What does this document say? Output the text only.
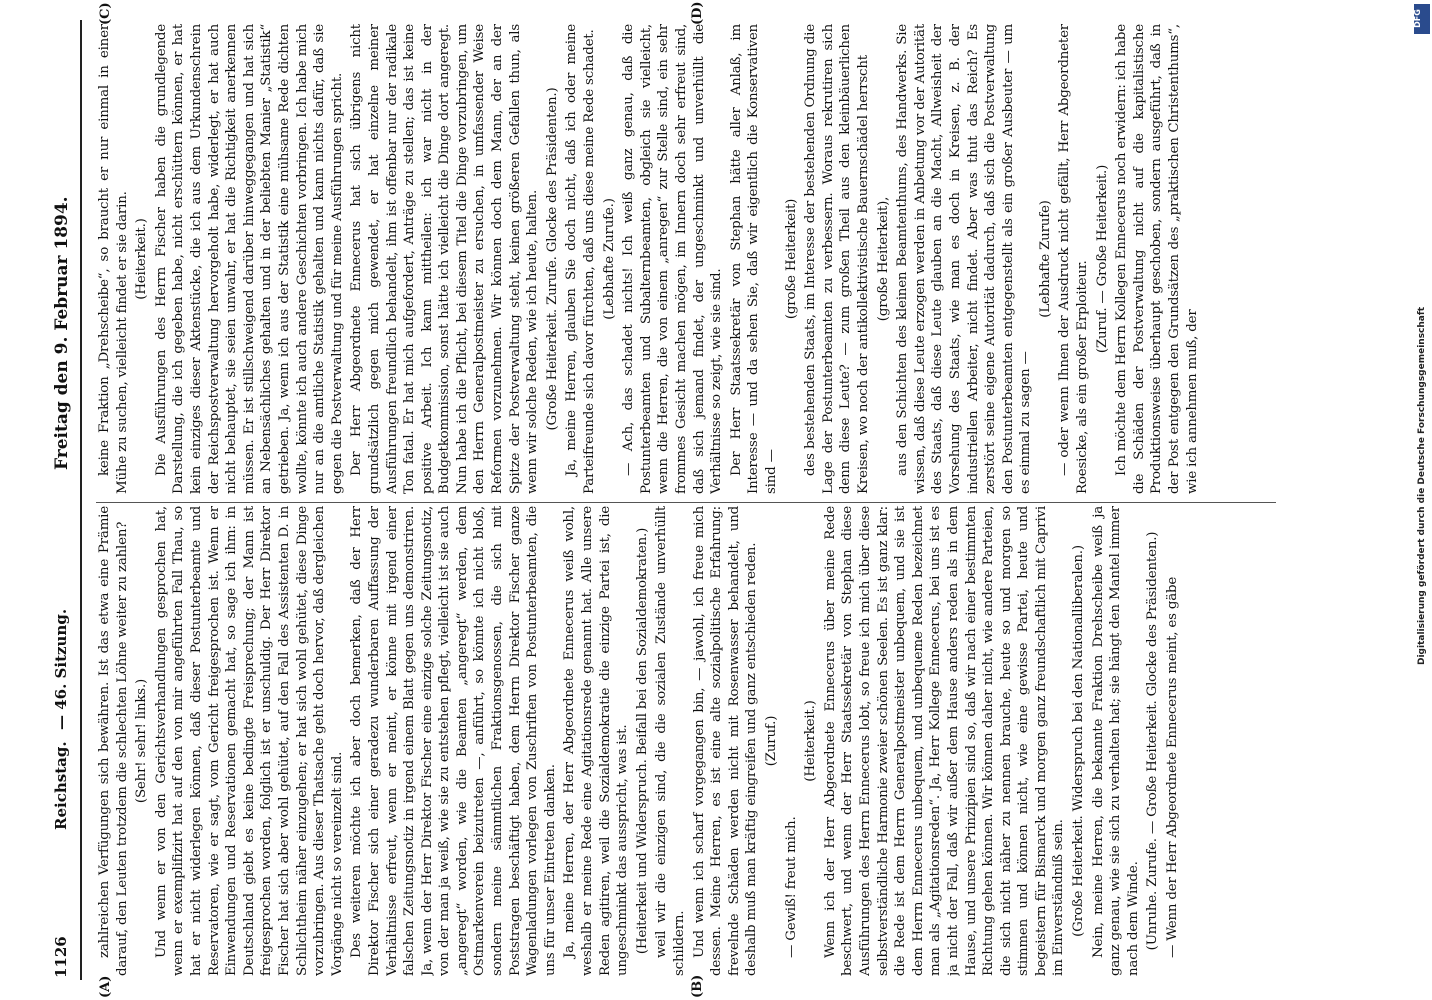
1126
Reichstag.
— 46. Sitzung.
Freitag den 9. Februar 1894.
(A)	(B)
(C)	(D)

zahlreichen Verfügungen sich bewähren. Ist das etwa eine Prämie darauf, den Leuten trotzdem die schlechten Löhne weiter zu zahlen? (Sehr! sehr! links.) Und wenn er von den Gerichtsverhandlungen gesprochen hat, wenn er exemplifizirt hat auf den von mir angeführten Fall Thau, so hat er nicht widerlegen können, daß dieser Postunterbeamte und Reservatoren, wie er sagt, vom Gericht freigesprochen ist. Wenn er Einwendungen und Reservationen gemacht hat, so sage ich ihm: in Deutschland giebt es keine bedingte Freisprechung; der Mann ist freigesprochen worden, folglich ist er unschuldig. Der Herr Direktor Fischer hat sich aber wohl gehütet, auf den Fall des Assistenten D. in Schlichtheim näher einzugehen; er hat sich wohl gehütet, diese Dinge vorzubringen. Aus dieser Thatsache geht doch hervor, daß dergleichen Vorgänge nicht so vereinzelt sind. Des weiteren möchte ich aber doch bemerken, daß der Herr Direktor Fischer sich einer geradezu wunderbaren Auffassung der Verhältnisse erfreut, wenn er meint, er könne mit irgend einer falschen Zeitungsnotiz in irgend einem Blatt gegen uns demonstriren. Ja, wenn der Herr Direktor Fischer eine einzige solche Zeitungsnotiz, von der man ja weiß, wie sie zu entstehen pflegt, vielleicht ist sie auch „angeregt“ worden, wie die Beamten „angeregt“ werden, dem Ostmarkenverein beizutreten —, anführt, so könnte ich nicht bloß, sondern meine sämmtlichen Fraktionsgenossen, die sich mit Poststragen beschäftigt haben, dem Herrn Direktor Fischer ganze Wagenladungen vorlegen von Zuschriften von Postunterbeamten, die uns für unser Eintreten danken. Ja, meine Herren, der Herr Abgeordnete Ennecerus weiß wohl, weshalb er meine Rede eine Agitationsrede genannt hat. Alle unsere Reden agitiren, weil die Sozialdemokratie die einzige Partei ist, die ungeschminkt das ausspricht, was ist. (Heiterkeit und Widerspruch. Beifall bei den Sozialdemokraten.) weil wir die einzigen sind, die die sozialen Zustände unverhüllt schildern. Und wenn ich scharf vorgegangen bin, — jawohl, ich freue mich dessen. Meine Herren, es ist eine alte sozialpolitische Erfahrung: frevelnde Schäden werden nicht mit Rosenwasser behandelt, und deshalb muß man kräftig eingreifen und ganz entschieden reden. (Zuruf.)

— Gewiß! freut mich.

(Heiterkeit.) Wenn ich der Herr Abgeordnete Ennecerus über meine Rede beschwert, und wenn der Herr Staatssekretär von Stephan diese Ausführungen des Herrn Ennecerus lobt, so freue ich mich über diese selbstverständliche Harmonie zweier schönen Seelen. Es ist ganz klar: die Rede ist dem Herrn Generalpostmeister unbequem, und sie ist dem Herrn Ennecerus unbequem, und unbequeme Reden bezeichnet man als „Agitationsreden“. Ja, Herr Kollege Ennecerus, bei uns ist es ja nicht der Fall, daß wir außer dem Hause anders reden als in dem Hause, und unsere Prinzipien sind so, daß wir nach einer bestimmten Richtung gehen können. Wir können daher nicht, wie andere Parteien, die sich nicht näher zu nennen brauche, heute so und morgen so stimmen und können nicht, wie eine gewisse Partei, heute und begeistern für Bismarck und morgen ganz freundschaftlich mit Caprivi im Einverständniß sein. (Große Heiterkeit. Widerspruch bei den Nationalliberalen.) Nein, meine Herren, die bekannte Fraktion Drehscheibe weiß ja ganz genau, wie sie sich zu verhalten hat; sie hängt den Mantel immer nach dem Winde. (Unruhe. Zurufe. — Große Heiterkeit. Glocke des Präsidenten.) — Wenn der Herr Abgeordnete Ennecerus meint, es gäbe

keine Fraktion „Drehscheibe“, so braucht er nur einmal in einer Mühe zu suchen, vielleicht findet er sie darin. (Heiterkeit.) Die Ausführungen des Herrn Fischer haben die grundlegende Darstellung, die ich gegeben habe, nicht erschüttern können, er hat kein einziges dieser Aktenstücke, die ich aus dem Urkundenschrein der Reichspostverwaltung hervorgeholt habe, widerlegt, er hat auch nicht behauptet, sie seien unwahr, er hat die Richtigkeit anerkennen müssen. Er ist stillschweigend darüber hinweggegangen und hat sich an Nebensächliches gehalten und in der beliebten Manier „Statistik“ getrieben. Ja, wenn ich aus der Statistik eine mühsame Rede dichten wollte, könnte ich auch andere Geschichten vorbringen. Ich habe mich nur an die amtliche Statistik gehalten und kann nichts dafür, daß sie gegen die Postverwaltung und für meine Ausführungen spricht. Der Herr Abgeordnete Ennecerus hat sich übrigens nicht grundsätzlich gegen mich gewendet, er hat einzelne meiner Ausführungen freundlich behandelt, ihm ist offenbar nur der radikale Ton fatal. Er hat mich aufgefordert, Anträge zu stellen; das ist keine positive Arbeit. Ich kann mittheilen: ich war nicht in der Budgetkommission, sonst hätte ich vielleicht die Dinge dort angeregt. Nun habe ich die Pflicht, bei diesem Titel die Dinge vorzubringen, um den Herrn Generalpostmeister zu ersuchen, in umfassender Weise Reformen vorzunehmen. Wir können doch dem Mann, der an der Spitze der Postverwaltung steht, keinen größeren Gefallen thun, als wenn wir solche Reden, wie ich heute, halten. (Große Heiterkeit. Zurufe. Glocke des Präsidenten.) Ja, meine Herren, glauben Sie doch nicht, daß ich oder meine Parteifreunde sich davor fürchten, daß uns diese meine Rede schadet. (Lebhafte Zurufe.) — Ach, das schadet nichts! Ich weiß ganz genau, daß die Postunterbeamten und Subalternbeamten, obgleich sie vielleicht, wenn die Herren, die von einem „anregen“ zur Stelle sind, ein sehr frommes Gesicht machen mögen, im Innern doch sehr erfreut sind, daß sich jemand findet, der ungeschminkt und unverhüllt die Verhältnisse so zeigt, wie sie sind. Der Herr Staatssekretär von Stephan hätte aller Anlaß, im Interesse — und da sehen Sie, daß wir eigentlich die Konservativen sind —

(große Heiterkeit) des bestehenden Staats, im Interesse der bestehenden Ordnung die Lage der Postunterbeamten zu verbessern. Woraus rekrutiren sich denn diese Leute? — zum großen Theil aus den kleinbäuerlichen Kreisen, wo noch der antikollektivistische Bauernschädel herrscht (große Heiterkeit), aus den Schichten des kleinen Beamtenthums, des Handwerks. Sie wissen, daß diese Leute erzogen werden in Anbetung vor der Autorität des Staats, daß diese Leute glauben an die Macht, Allweisheit der Vorsehung des Staats, wie man es doch in Kreisen, z. B. der industriellen Arbeiter, nicht findet. Aber was thut das Reich? Es zerstört seine eigene Autorität dadurch, daß sich die Postverwaltung den Postunterbeamten entgegenstellt als ein großer Ausbeuter — um es einmal zu sagen —

(Lebhafte Zurufe) — oder wenn Ihnen der Ausdruck nicht gefällt, Herr Abgeordneter Roesicke, als ein großer Erploiteur.

(Zuruf. — Große Heiterkeit.) Ich möchte dem Herrn Kollegen Ennecerus noch erwidern: ich habe die Schäden der Postverwaltung nicht auf die kapitalistische Produktionsweise überhaupt geschoben, sondern ausgeführt, daß in der Post entgegen den Grundsätzen des „praktischen Christenthums“, wie ich annehmen muß, der	Digitalisierung gefördert durch die Deutsche Forschungsgemeinschaft
DFG
